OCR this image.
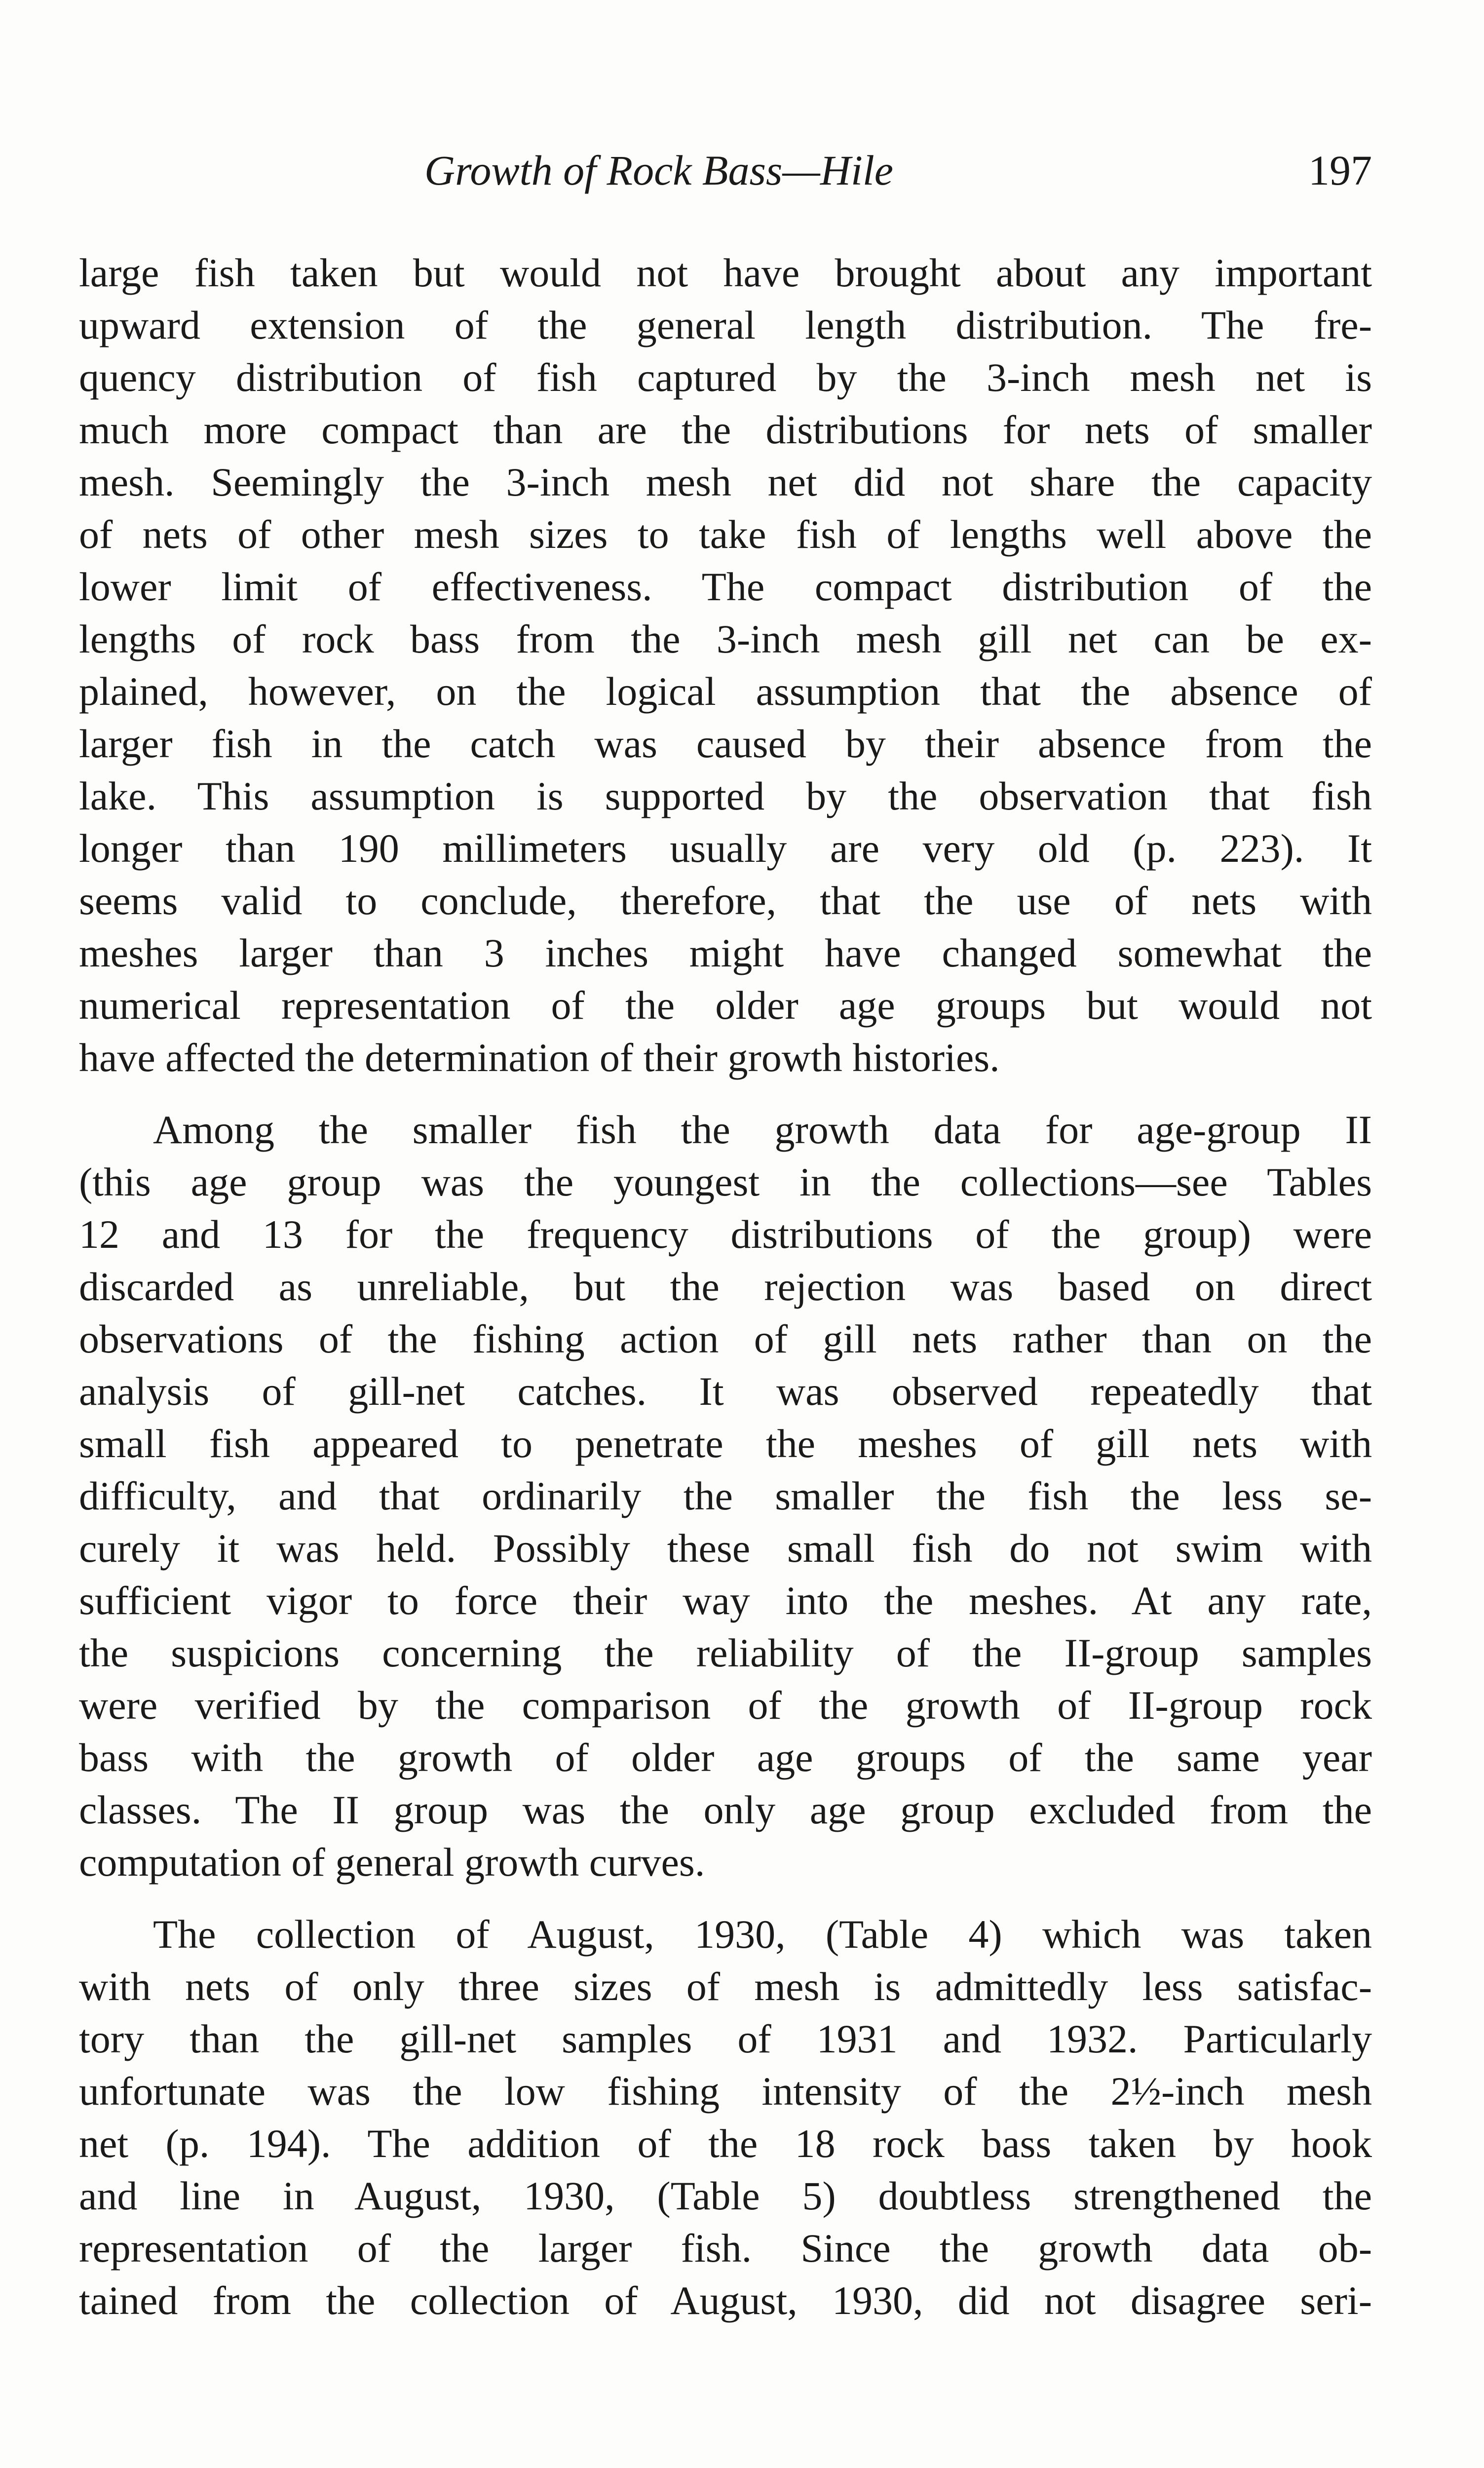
Growth of Rock Bass—Hile	197
large fish taken but would not have brought about any important
upward extension of the general length distribution. The fre-
quency distribution of fish captured by the 3-inch mesh net is
much more compact than are the distributions for nets of smaller
mesh. Seemingly the 3-inch mesh net did not share the capacity
of nets of other mesh sizes to take fish of lengths well above the
lower limit of effectiveness. The compact distribution of the
lengths of rock bass from the 3-inch mesh gill net can be ex-
plained, however, on the logical assumption that the absence of
larger fish in the catch was caused by their absence from the
lake. This assumption is supported by the observation that fish
longer than 190 millimeters usually are very old (p. 223). It
seems valid to conclude, therefore, that the use of nets with
meshes larger than 3 inches might have changed somewhat the
numerical representation of the older age groups but would not
have affected the determination of their growth histories.
Among the smaller fish the growth data for age-group II
(this age group was the youngest in the collections—see Tables
12 and 13 for the frequency distributions of the group) were
discarded as unreliable, but the rejection was based on direct
observations of the fishing action of gill nets rather than on the
analysis of gill-net catches. It was observed repeatedly that
small fish appeared to penetrate the meshes of gill nets with
difficulty, and that ordinarily the smaller the fish the less se-
curely it was held. Possibly these small fish do not swim with
sufficient vigor to force their way into the meshes. At any rate,
the suspicions concerning the reliability of the II-group samples
were verified by the comparison of the growth of II-group rock
bass with the growth of older age groups of the same year
classes. The II group was the only age group excluded from the
computation of general growth curves.
The collection of August, 1930, (Table 4) which was taken
with nets of only three sizes of mesh is admittedly less satisfac-
tory than the gill-net samples of 1931 and 1932. Particularly
unfortunate was the low fishing intensity of the 2½-inch mesh
net (p. 194). The addition of the 18 rock bass taken by hook
and line in August, 1930, (Table 5) doubtless strengthened the
representation of the larger fish. Since the growth data ob-
tained from the collection of August, 1930, did not disagree seri-
